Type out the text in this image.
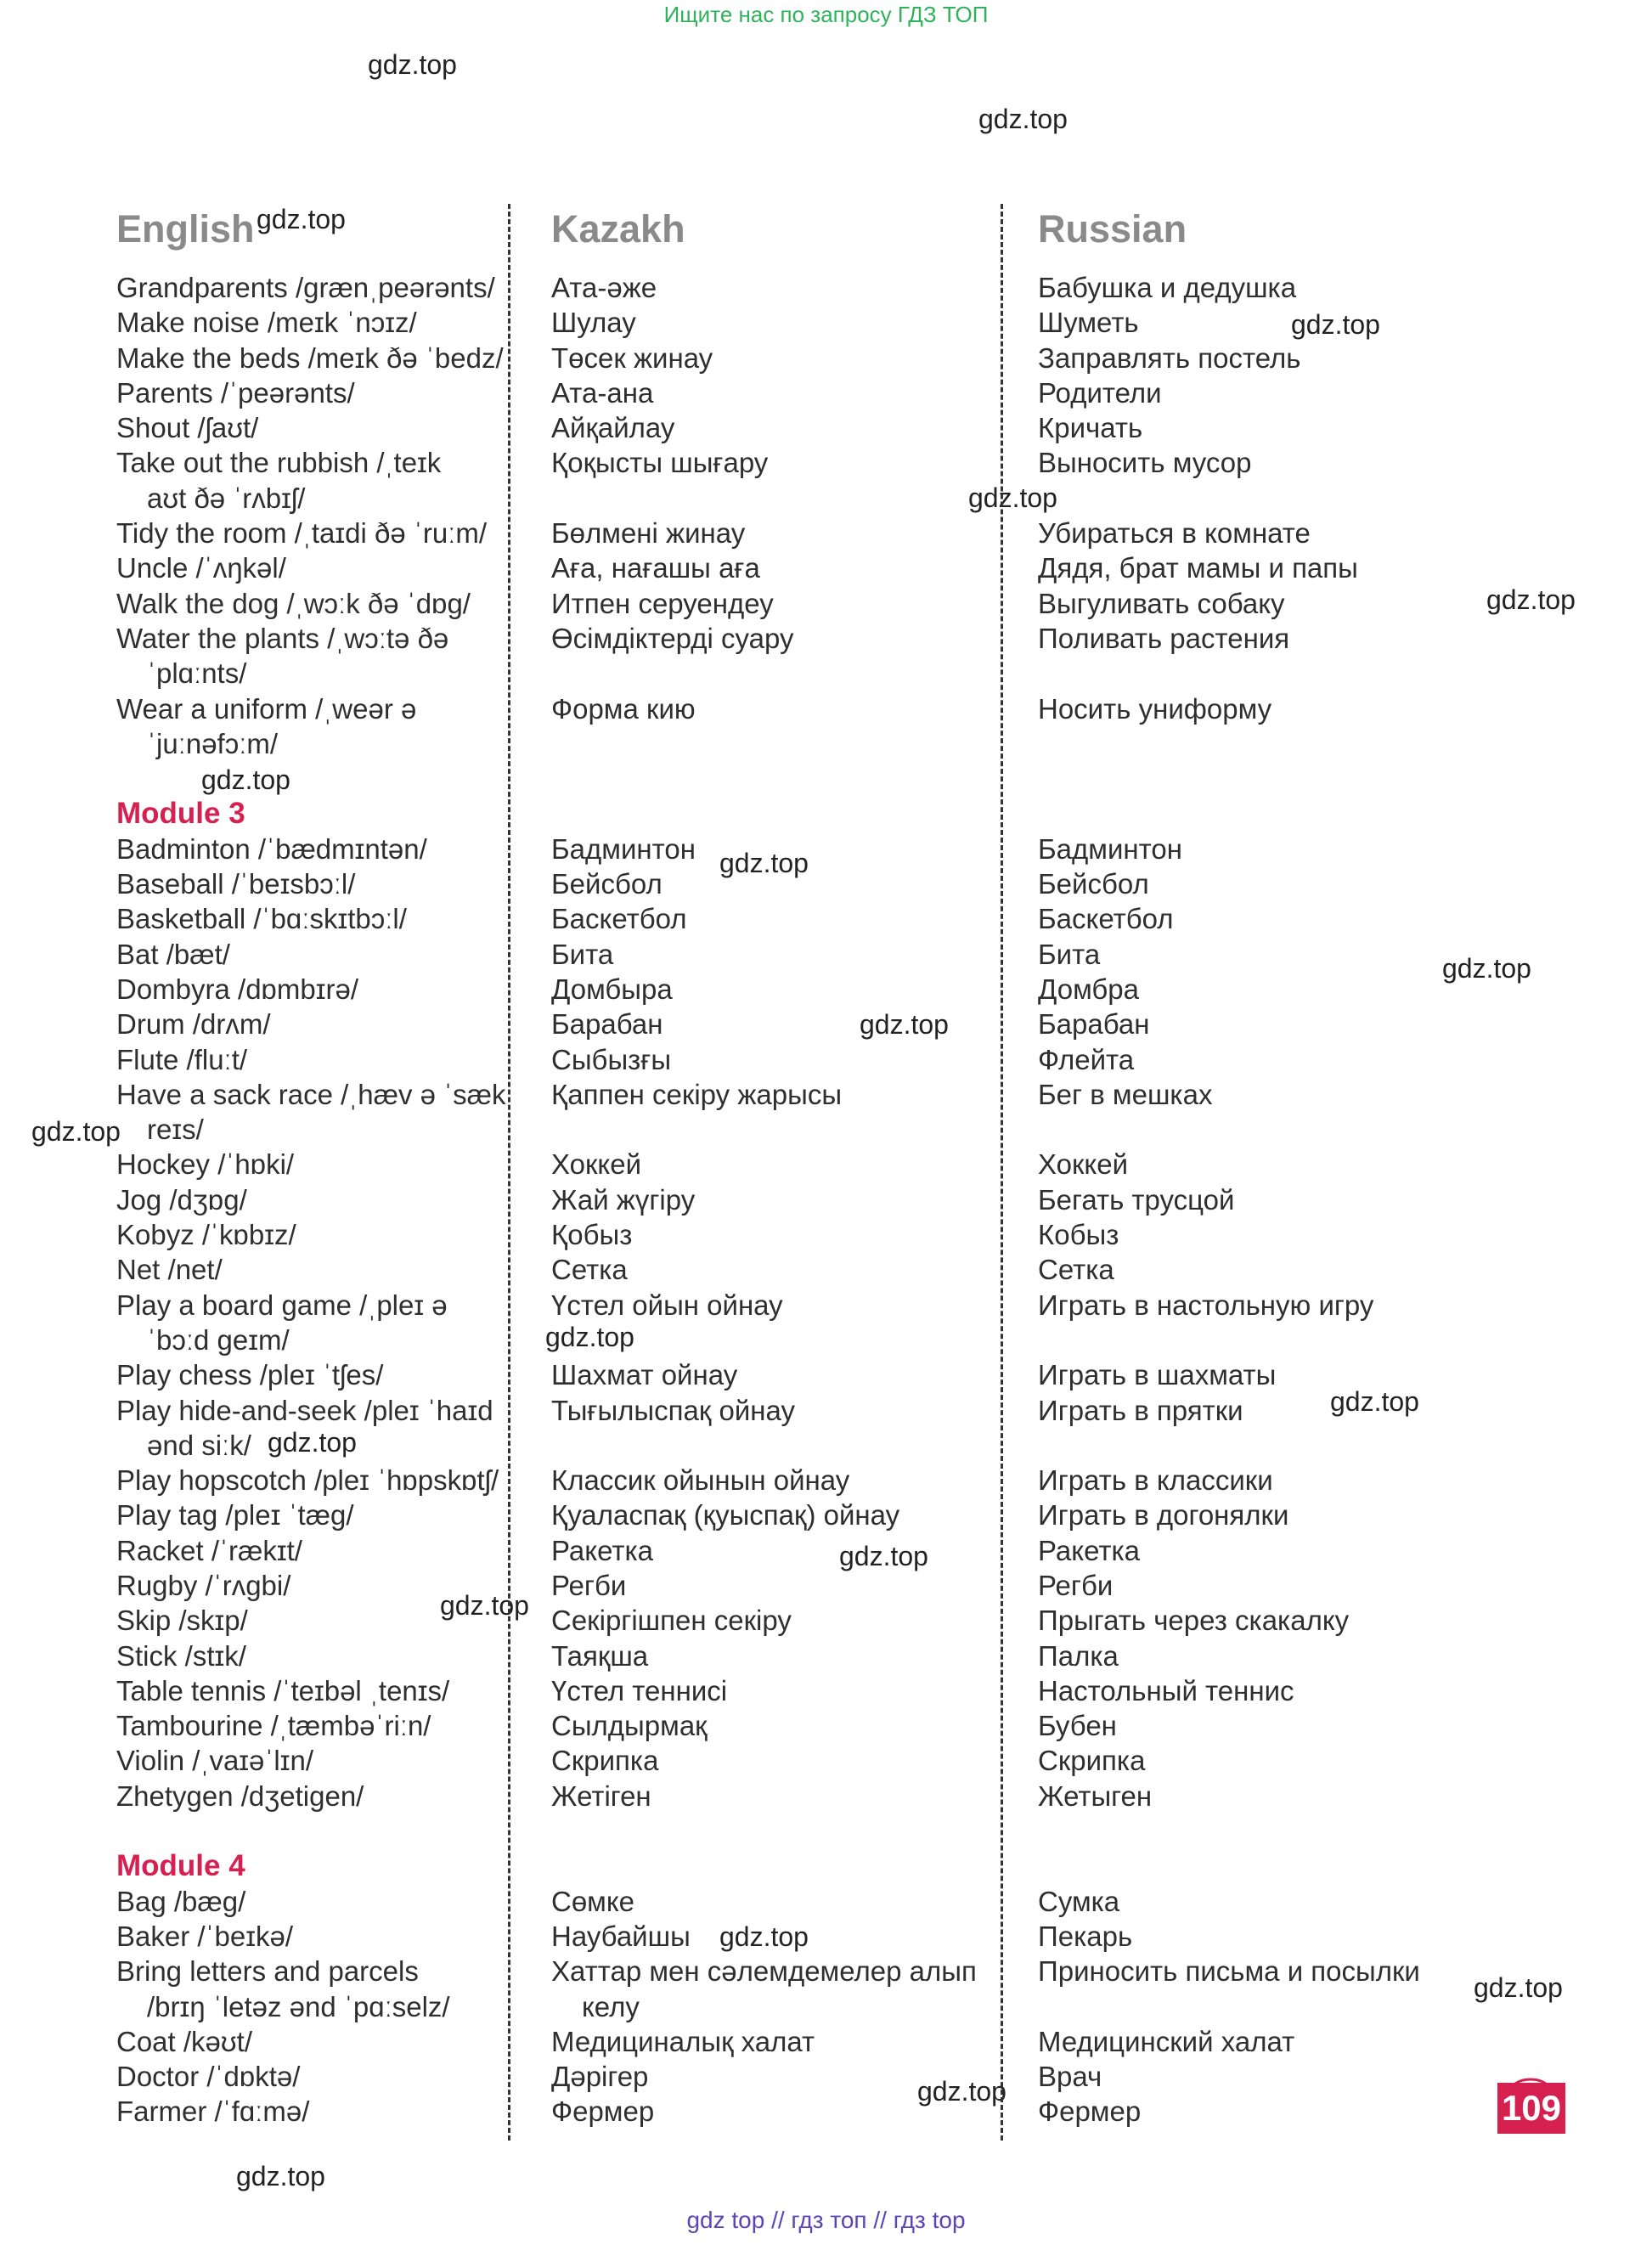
Ищите нас по запросу ГДЗ ТОП
gdz.top
gdz.top
gdz.top
gdz.top
gdz.top
gdz.top
gdz.top
gdz.top
gdz.top
gdz.top
gdz.top
gdz.top
gdz.top
gdz.top
gdz.top
gdz.top
gdz.top
gdz.top
gdz.top
gdz.top
English
Grandparents /ɡrænˌpeərənts/
Make noise /meɪk ˈnɔɪz/
Make the beds /meɪk ðə ˈbedz/
Parents /ˈpeərənts/
Shout /ʃaʊt/
Take out the rubbish /ˌteɪk
aʊt ðə ˈrʌbɪʃ/
Tidy the room /ˌtaɪdi ðə ˈruːm/
Uncle /ˈʌŋkəl/
Walk the dog /ˌwɔːk ðə ˈdɒɡ/
Water the plants /ˌwɔːtə ðə
ˈplɑːnts/
Wear a uniform /ˌweər ə
ˈjuːnəfɔːm/
Module 3
Badminton /ˈbædmɪntən/
Baseball /ˈbeɪsbɔːl/
Basketball /ˈbɑːskɪtbɔːl/
Bat /bæt/
Dombyra /dɒmbɪrə/
Drum /drʌm/
Flute /fluːt/
Have a sack race /ˌhæv ə ˈsæk
reɪs/
Hockey /ˈhɒki/
Jog /dʒɒɡ/
Kobyz /ˈkɒbɪz/
Net /net/
Play a board game /ˌpleɪ ə
ˈbɔːd ɡeɪm/
Play chess /pleɪ ˈtʃes/
Play hide-and-seek /pleɪ ˈhaɪd
ənd siːk/
Play hopscotch /pleɪ ˈhɒpskɒtʃ/
Play tag /pleɪ ˈtæɡ/
Racket /ˈrækɪt/
Rugby /ˈrʌɡbi/
Skip /skɪp/
Stick /stɪk/
Table tennis /ˈteɪbəl ˌtenɪs/
Tambourine /ˌtæmbəˈriːn/
Violin /ˌvaɪəˈlɪn/
Zhetygen /dʒetigen/
Module 4
Bag /bæɡ/
Baker /ˈbeɪkə/
Bring letters and parcels
/brɪŋ ˈletəz ənd ˈpɑːselz/
Coat /kəʊt/
Doctor /ˈdɒktə/
Farmer /ˈfɑːmə/
Kazakh
Ата-әже
Шулау
Төсек жинау
Ата-ана
Айқайлау
Қоқысты шығару
Бөлмені жинау
Аға, нағашы аға
Итпен серуендеу
Өсімдіктерді суару
Форма кию
Бадминтон
Бейсбол
Баскетбол
Бита
Домбыра
Барабан
Сыбызғы
Қаппен секіру жарысы
Хоккей
Жай жүгіру
Қобыз
Сетка
Үстел ойын ойнау
Шахмат ойнау
Тығылыспақ ойнау
Классик ойынын ойнау
Қуаласпақ (қуыспақ) ойнау
Ракетка
Регби
Секіргішпен секіру
Таяқша
Үстел теннисі
Сылдырмақ
Скрипка
Жетіген
Сөмке
Наубайшы
Хаттар мен сәлемдемелер алып
келу
Медициналық халат
Дәрігер
Фермер
Russian
Бабушка и дедушка
Шуметь
Заправлять постель
Родители
Кричать
Выносить мусор
Убираться в комнате
Дядя, брат мамы и папы
Выгуливать собаку
Поливать растения
Носить униформу
Бадминтон
Бейсбол
Баскетбол
Бита
Домбра
Барабан
Флейта
Бег в мешках
Хоккей
Бегать трусцой
Кобыз
Сетка
Играть в настольную игру
Играть в шахматы
Играть в прятки
Играть в классики
Играть в догонялки
Ракетка
Регби
Прыгать через скакалку
Палка
Настольный теннис
Бубен
Скрипка
Жетыген
Сумка
Пекарь
Приносить письма и посылки
Медицинский халат
Врач
Фермер	109
gdz top // гдз топ // гдз top
